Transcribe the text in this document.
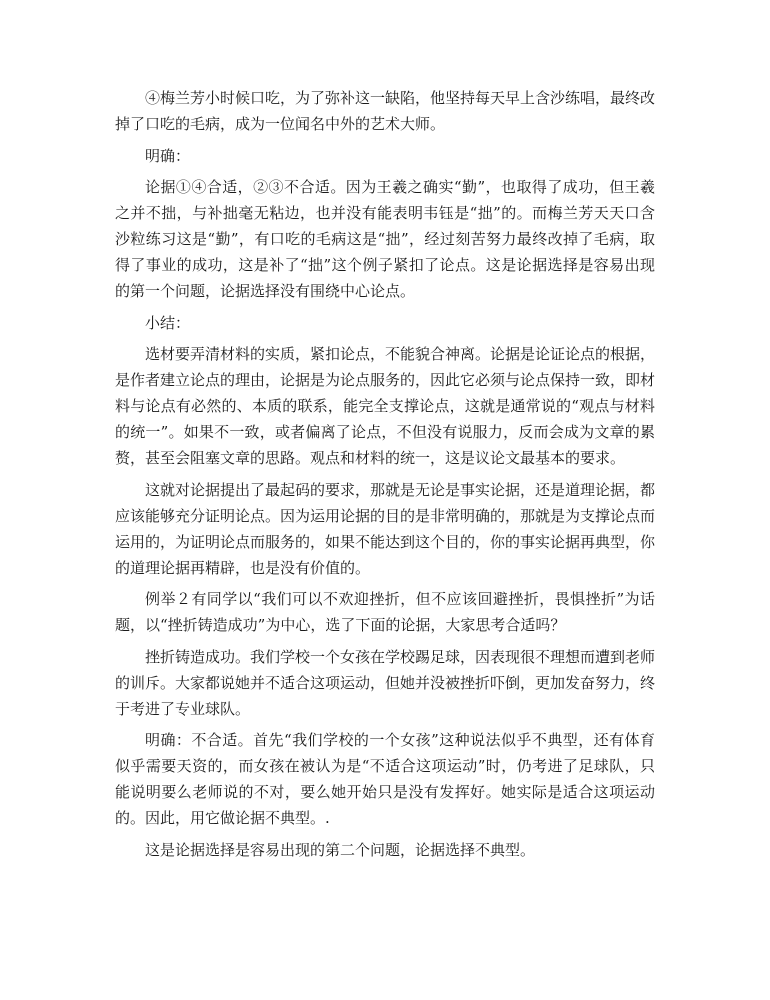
④梅兰芳小时候口吃，为了弥补这一缺陷，他坚持每天早上含沙练唱，最终改掉了口吃的毛病，成为一位闻名中外的艺术大师。

明确：

论据①④合适，②③不合适。因为王羲之确实“勤”，也取得了成功，但王羲之并不拙，与补拙毫无粘边，也并没有能表明韦钰是“拙”的。而梅兰芳天天口含沙粒练习这是“勤”，有口吃的毛病这是“拙”，经过刻苦努力最终改掉了毛病，取得了事业的成功，这是补了“拙”这个例子紧扣了论点。这是论据选择是容易出现的第一个问题，论据选择没有围绕中心论点。

小结：

选材要弄清材料的实质，紧扣论点，不能貌合神离。论据是论证论点的根据，是作者建立论点的理由，论据是为论点服务的，因此它必须与论点保持一致，即材料与论点有必然的、本质的联系，能完全支撑论点，这就是通常说的“观点与材料的统一”。如果不一致，或者偏离了论点，不但没有说服力，反而会成为文章的累赘，甚至会阻塞文章的思路。观点和材料的统一，这是议论文最基本的要求。

这就对论据提出了最起码的要求，那就是无论是事实论据，还是道理论据，都应该能够充分证明论点。因为运用论据的目的是非常明确的，那就是为支撑论点而运用的，为证明论点而服务的，如果不能达到这个目的，你的事实论据再典型，你的道理论据再精辟，也是没有价值的。

例举２有同学以“我们可以不欢迎挫折，但不应该回避挫折，畏惧挫折”为话题，以“挫折铸造成功”为中心，选了下面的论据，大家思考合适吗？

挫折铸造成功。我们学校一个女孩在学校踢足球，因表现很不理想而遭到老师的训斥。大家都说她并不适合这项运动，但她并没被挫折吓倒，更加发奋努力，终于考进了专业球队。

明确：不合适。首先“我们学校的一个女孩”这种说法似乎不典型，还有体育似乎需要天资的，而女孩在被认为是“不适合这项运动”时，仍考进了足球队，只能说明要么老师说的不对，要么她开始只是没有发挥好。她实际是适合这项运动的。因此，用它做论据不典型。.

这是论据选择是容易出现的第二个问题，论据选择不典型。
